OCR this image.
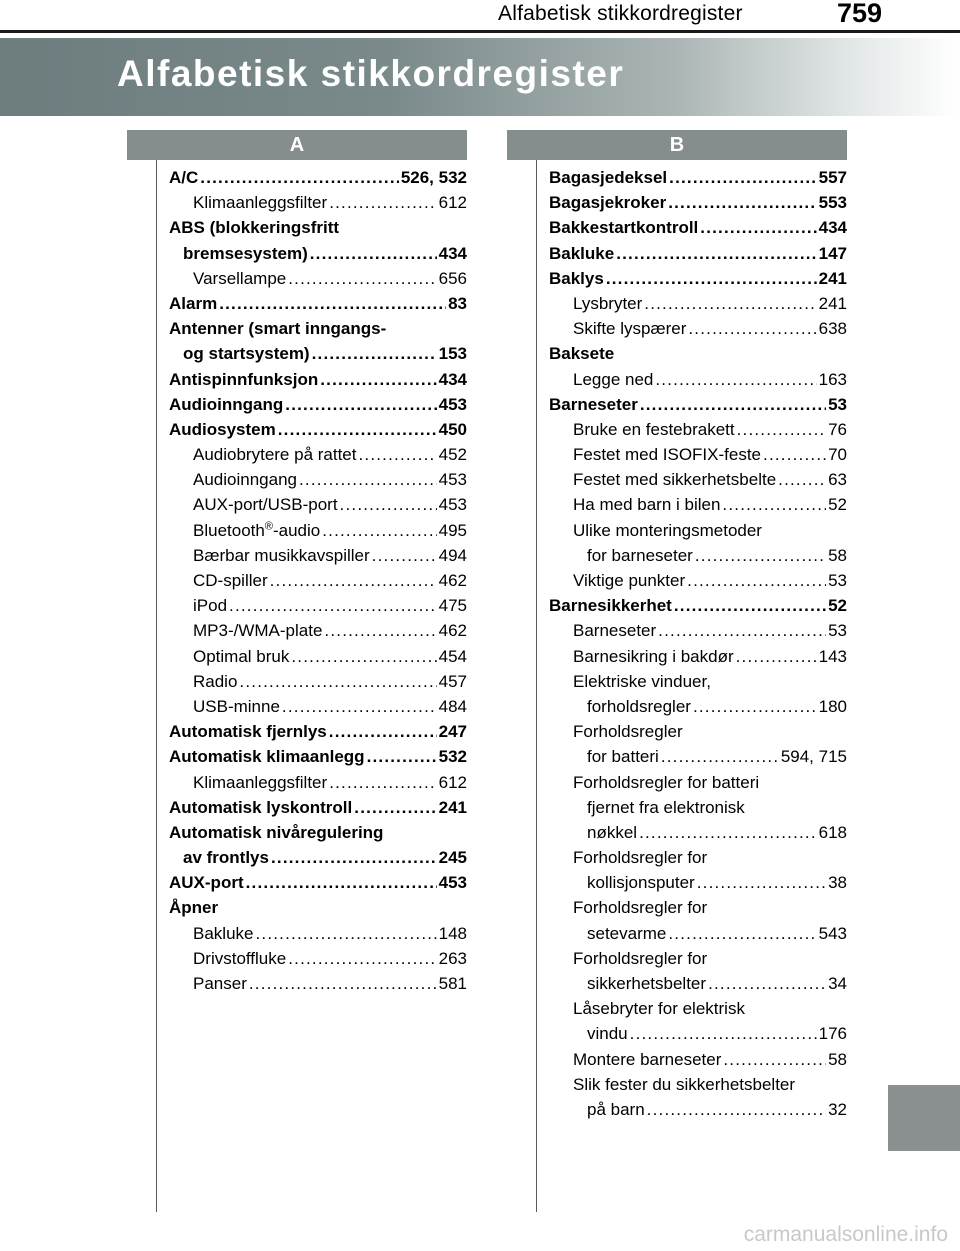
Alfabetisk stikkordregister	759
Alfabetisk stikkordregister
A	B
A/C .....	526, 532
Klimaanleggsfilter .....	612
ABS (blokkeringsfritt
bremsesystem) .....	434
Varsellampe .....	656
Alarm .....	83
Antenner (smart inngangs-
og startsystem) .....	153
Antispinnfunksjon .....	434
Audioinngang .....	453
Audiosystem .....	450
Audiobrytere på rattet .....	452
Audioinngang .....	453
AUX-port/USB-port .....	453
Bluetooth®-audio .....	495
Bærbar musikkavspiller .....	494
CD-spiller .....	462
iPod .....	475
MP3-/WMA-plate .....	462
Optimal bruk .....	454
Radio .....	457
USB-minne .....	484
Automatisk fjernlys .....	247
Automatisk klimaanlegg .....	532
Klimaanleggsfilter .....	612
Automatisk lyskontroll .....	241
Automatisk nivåregulering
av frontlys .....	245
AUX-port .....	453
Åpner
Bakluke .....	148
Drivstoffluke .....	263
Panser .....	581
Bagasjedeksel .....	557
Bagasjekroker .....	553
Bakkestartkontroll .....	434
Bakluke .....	147
Baklys .....	241
Lysbryter .....	241
Skifte lyspærer .....	638
Baksete
Legge ned .....	163
Barneseter .....	53
Bruke en festebrakett .....	76
Festet med ISOFIX-feste .....	70
Festet med sikkerhetsbelte .....	63
Ha med barn i bilen .....	52
Ulike monteringsmetoder
for barneseter .....	58
Viktige punkter .....	53
Barnesikkerhet .....	52
Barneseter .....	53
Barnesikring i bakdør .....	143
Elektriske vinduer,
forholdsregler .....	180
Forholdsregler
for batteri .....	594, 715
Forholdsregler for batteri
fjernet fra elektronisk
nøkkel .....	618
Forholdsregler for
kollisjonsputer .....	38
Forholdsregler for
setevarme .....	543
Forholdsregler for
sikkerhetsbelter .....	34
Låsebryter for elektrisk
vindu .....	176
Montere barneseter .....	58
Slik fester du sikkerhetsbelter
på barn .....	32
carmanualsonline.info
